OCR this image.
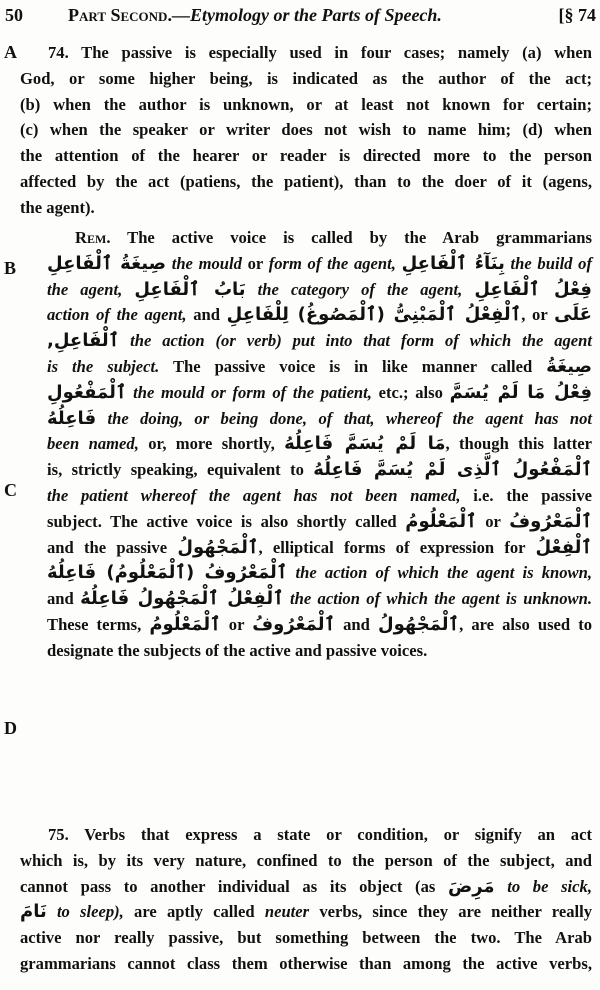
50	Part Second.—Etymology or the Parts of Speech.	[§ 74
A
B
C
D
74. The passive is especially used in four cases; namely (a) when
God, or some higher being, is indicated as the author of the act;
(b) when the author is unknown, or at least not known for certain;
(c) when the speaker or writer does not wish to name him; (d) when
the attention of the hearer or reader is directed more to the person
affected by the act (patiens, the patient), than to the doer of it (agens,
the agent).
Rem. The active voice is called by the Arab grammarians
صِيغَةُ ٱلْفَاعِلِ the mould or form of the agent, بِنَآءُ ٱلْفَاعِلِ the build of
the agent, بَابُ ٱلْفَاعِلِ the category of the agent, فِعْلُ ٱلْفَاعِلِ
action of the agent, and ٱلْفِعْلُ ٱلْمَبْنِىُّ (ٱلْمَصُوغُ) لِلْفَاعِلِ, or عَلَى
ٱلْفَاعِلِ, the action (or verb) put into that form of which the agent
is the subject. The passive voice is in like manner called صِيغَةُ
ٱلْمَفْعُولِ the mould or form of the patient, etc.; also فِعْلُ مَا لَمْ يُسَمَّ
فَاعِلُهُ the doing, or being done, of that, whereof the agent has not
been named, or, more shortly, مَا لَمْ يُسَمَّ فَاعِلُهُ, though this latter
is, strictly speaking, equivalent to ٱلْمَفْعُولُ ٱلَّذِى لَمْ يُسَمَّ فَاعِلُهُ
the patient whereof the agent has not been named, i.e. the passive
subject. The active voice is also shortly called ٱلْمَعْلُومُ or ٱلْمَعْرُوفُ
and the passive ٱلْمَجْهُولُ, elliptical forms of expression for ٱلْفِعْلُ
ٱلْمَعْرُوفُ (ٱلْمَعْلُومُ) فَاعِلُهُ the action of which the agent is known,
and ٱلْفِعْلُ ٱلْمَجْهُولُ فَاعِلُهُ the action of which the agent is unknown.
These terms, ٱلْمَعْلُومُ or ٱلْمَعْرُوفُ and ٱلْمَجْهُولُ, are also used to
designate the subjects of the active and passive voices.
75. Verbs that express a state or condition, or signify an act
which is, by its very nature, confined to the person of the subject, and
cannot pass to another individual as its object (as مَرِضَ to be sick,
نَامَ to sleep), are aptly called neuter verbs, since they are neither really
active nor really passive, but something between the two. The Arab
grammarians cannot class them otherwise than among the active verbs,
